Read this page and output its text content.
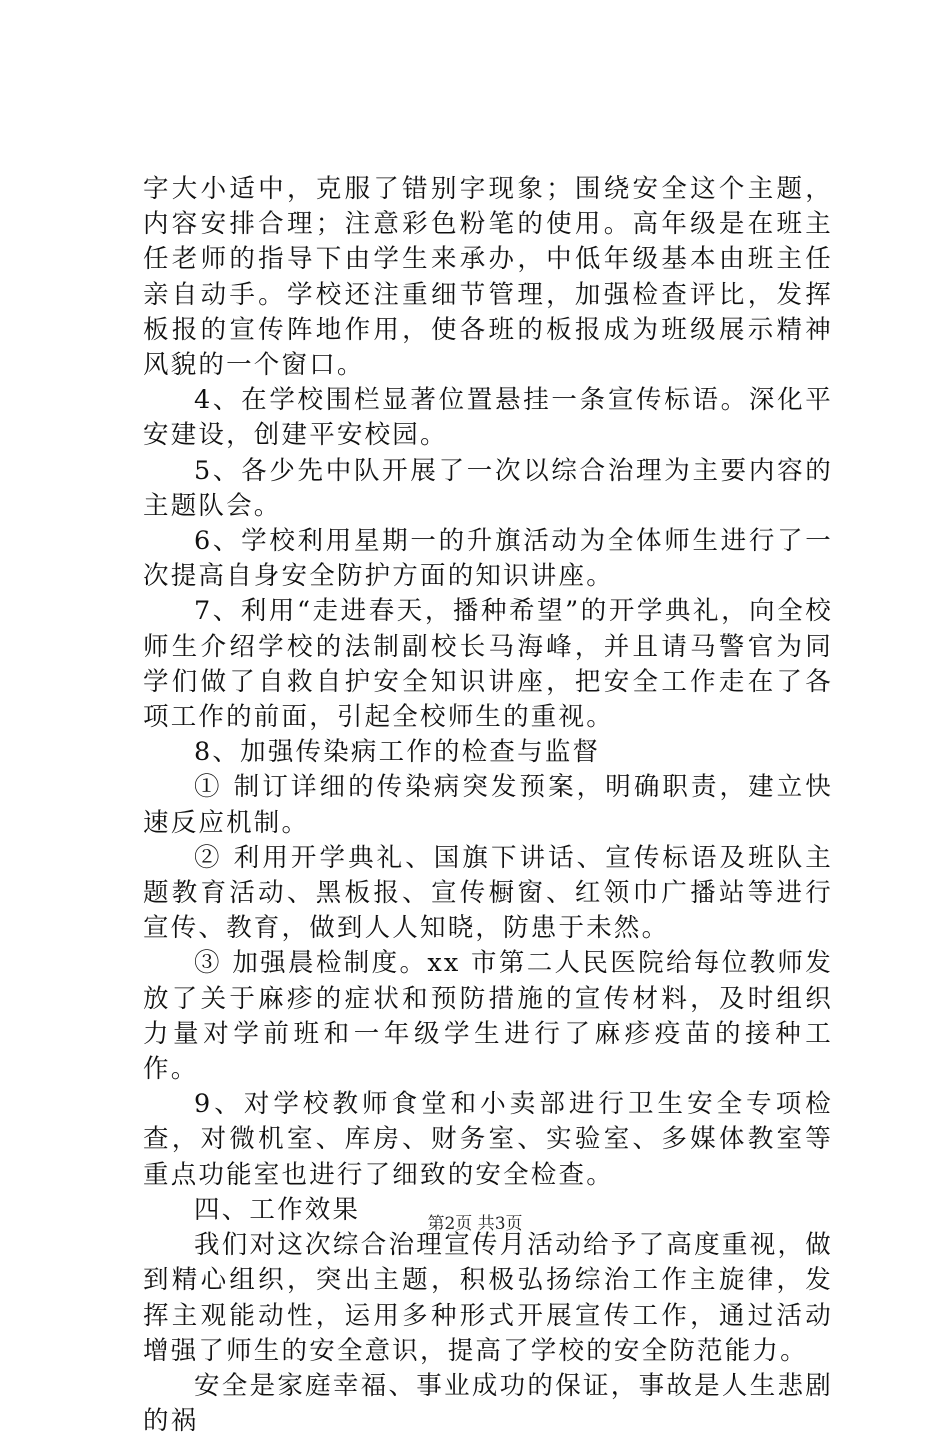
字大小适中，克服了错别字现象；围绕安全这个主题，内容安排合理；注意彩色粉笔的使用。高年级是在班主任老师的指导下由学生来承办，中低年级基本由班主任亲自动手。学校还注重细节管理，加强检查评比，发挥板报的宣传阵地作用，使各班的板报成为班级展示精神风貌的一个窗口。

4、在学校围栏显著位置悬挂一条宣传标语。深化平安建设，创建平安校园。

5、各少先中队开展了一次以综合治理为主要内容的主题队会。

6、学校利用星期一的升旗活动为全体师生进行了一次提高自身安全防护方面的知识讲座。

7、利用“走进春天，播种希望”的开学典礼，向全校师生介绍学校的法制副校长马海峰，并且请马警官为同学们做了自救自护安全知识讲座，把安全工作走在了各项工作的前面，引起全校师生的重视。

8、加强传染病工作的检查与监督

① 制订详细的传染病突发预案，明确职责，建立快速反应机制。

② 利用开学典礼、国旗下讲话、宣传标语及班队主题教育活动、黑板报、宣传橱窗、红领巾广播站等进行宣传、教育，做到人人知晓，防患于未然。

③ 加强晨检制度。xx 市第二人民医院给每位教师发放了关于麻疹的症状和预防措施的宣传材料，及时组织力量对学前班和一年级学生进行了麻疹疫苗的接种工作。

9、对学校教师食堂和小卖部进行卫生安全专项检查，对微机室、库房、财务室、实验室、多媒体教室等重点功能室也进行了细致的安全检查。

四、工作效果

我们对这次综合治理宣传月活动给予了高度重视，做到精心组织，突出主题，积极弘扬综治工作主旋律，发挥主观能动性，运用多种形式开展宣传工作，通过活动增强了师生的安全意识，提高了学校的安全防范能力。

安全是家庭幸福、事业成功的保证，事故是人生悲剧的祸

第2页 共3页
